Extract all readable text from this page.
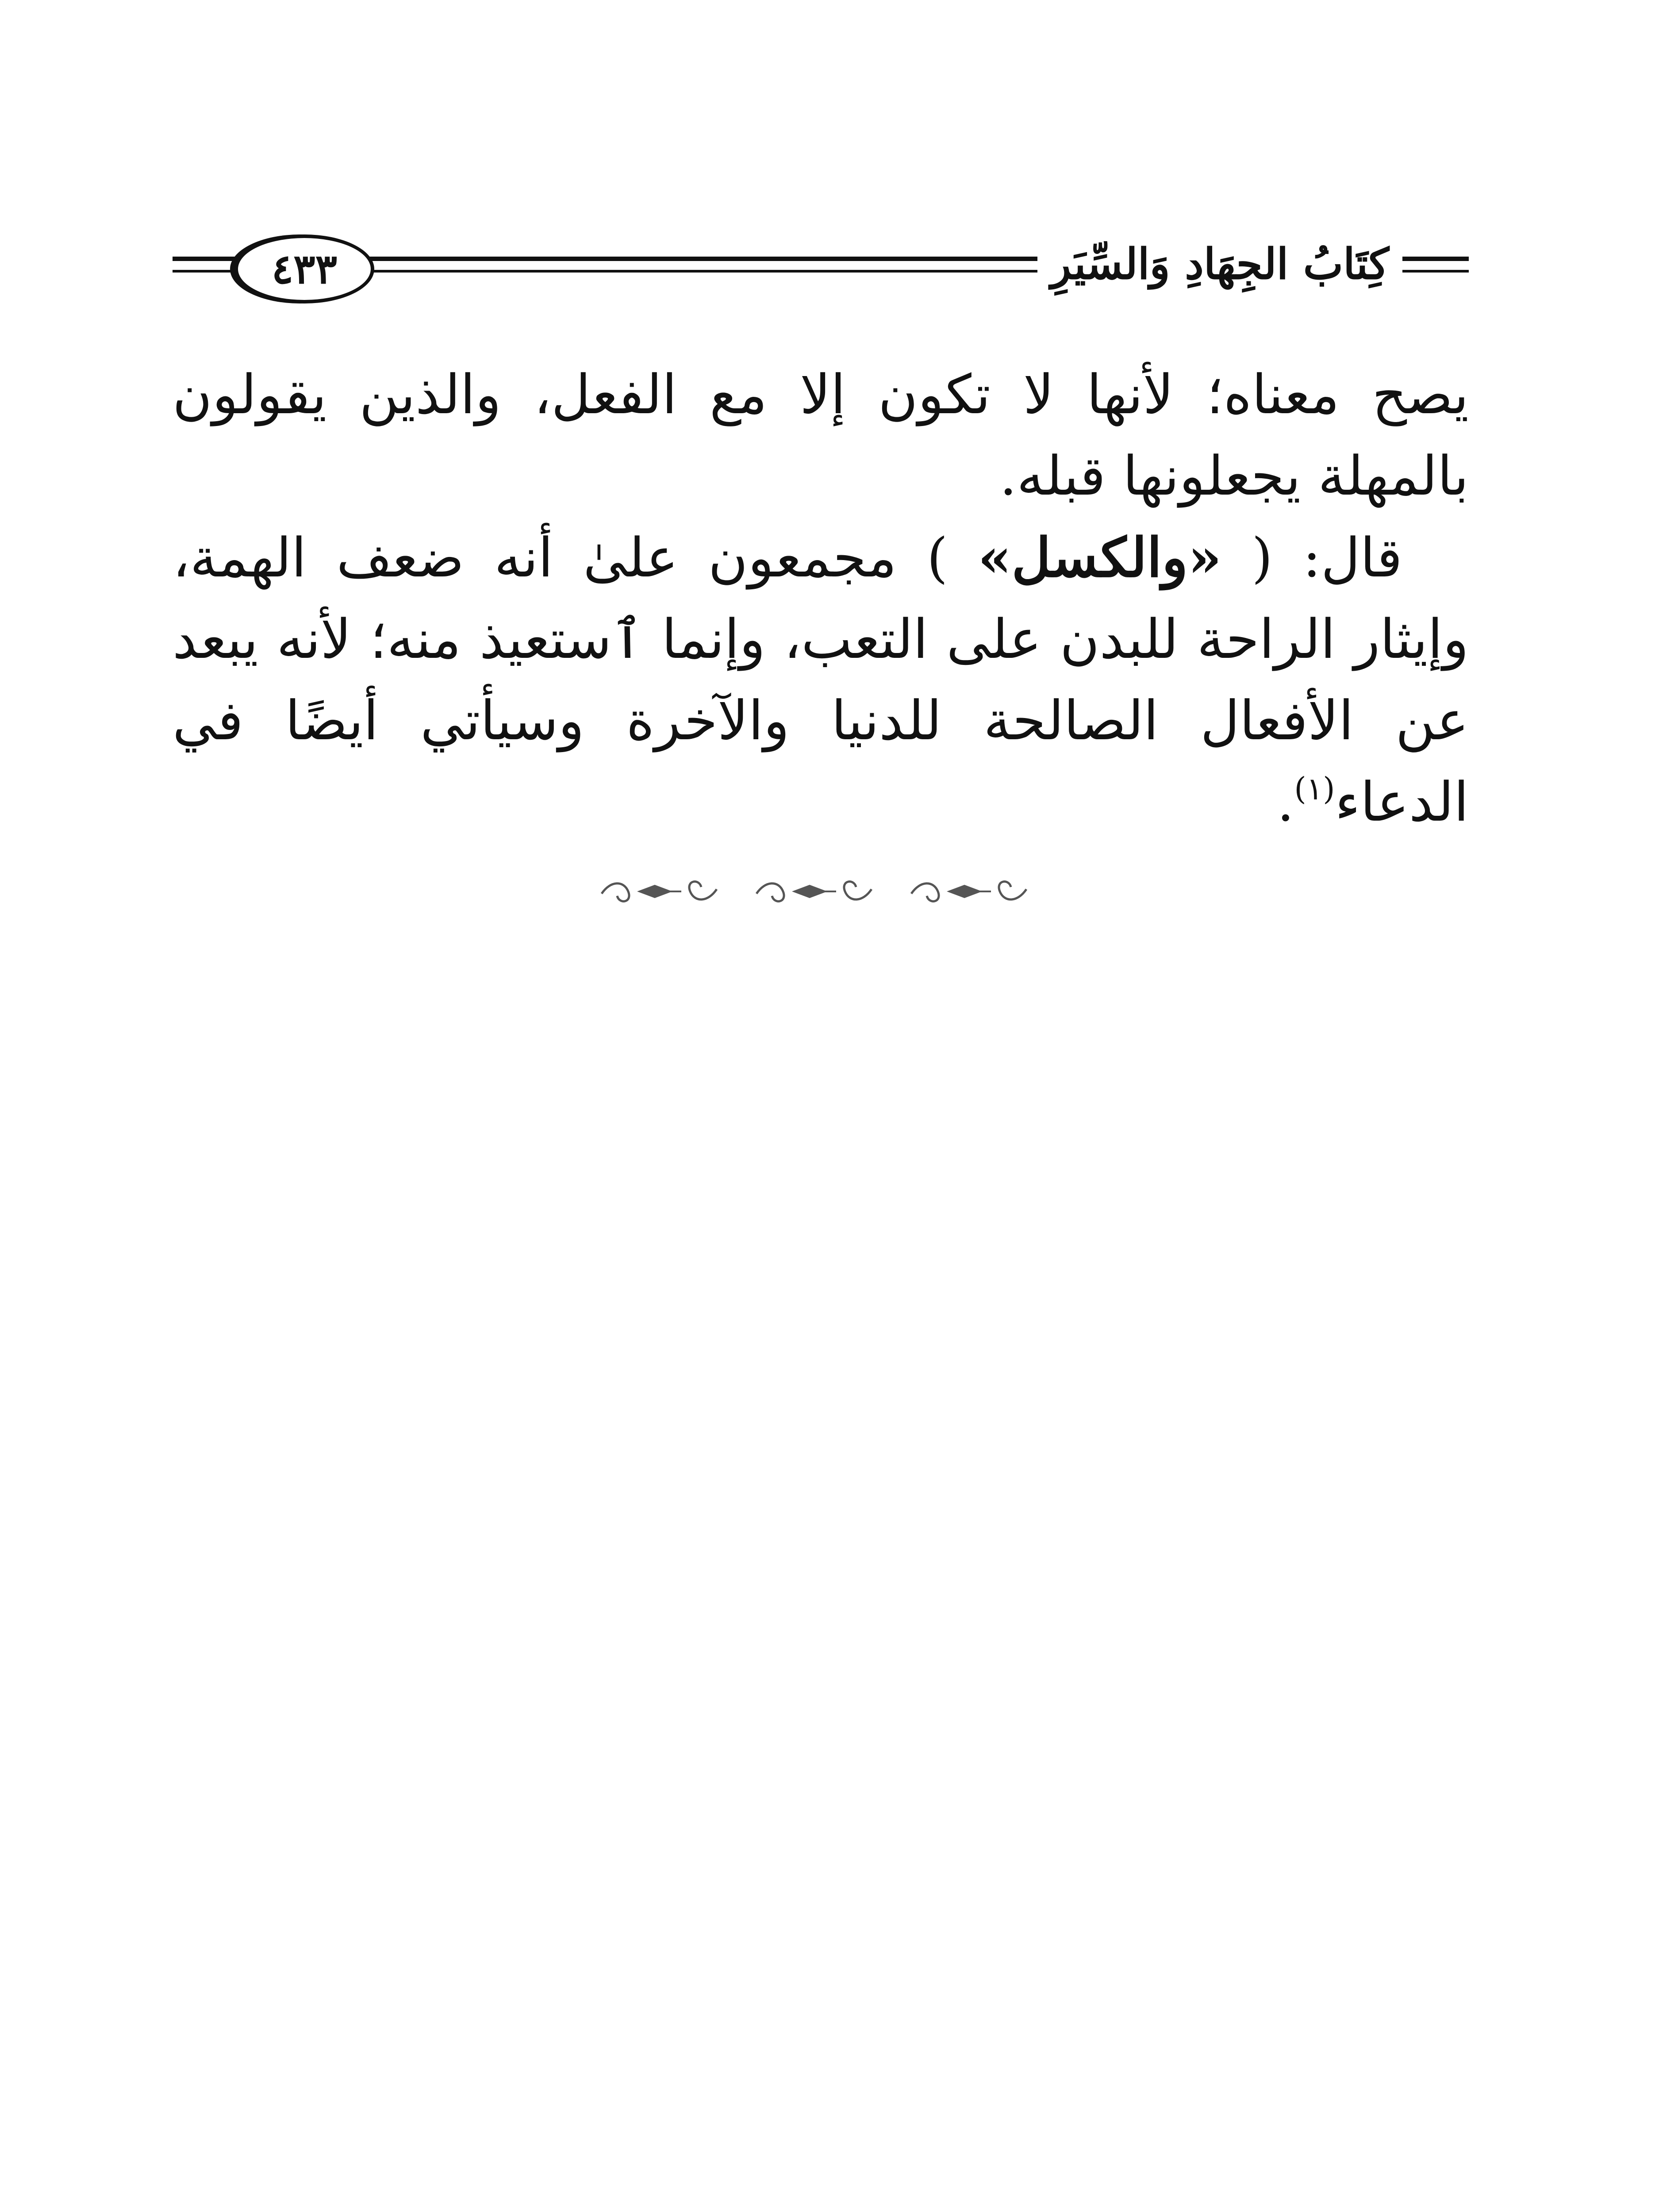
٤٣٣	كِتَابُ الجِهَادِ وَالسِّيَرِ

يصح معناه؛ لأنها لا تكون إلا مع الفعل، والذين يقولون بالمهلة يجعلونها قبله.

قال: ( «والكسل» ) مجمعون علىٰ أنه ضعف الهمة، وإيثار الراحة للبدن على التعب، وإنما ٱستعيذ منه؛ لأنه يبعد عن الأفعال الصالحة للدنيا والآخرة وسيأتي أيضًا في الدعاء$^{(١)}$.
